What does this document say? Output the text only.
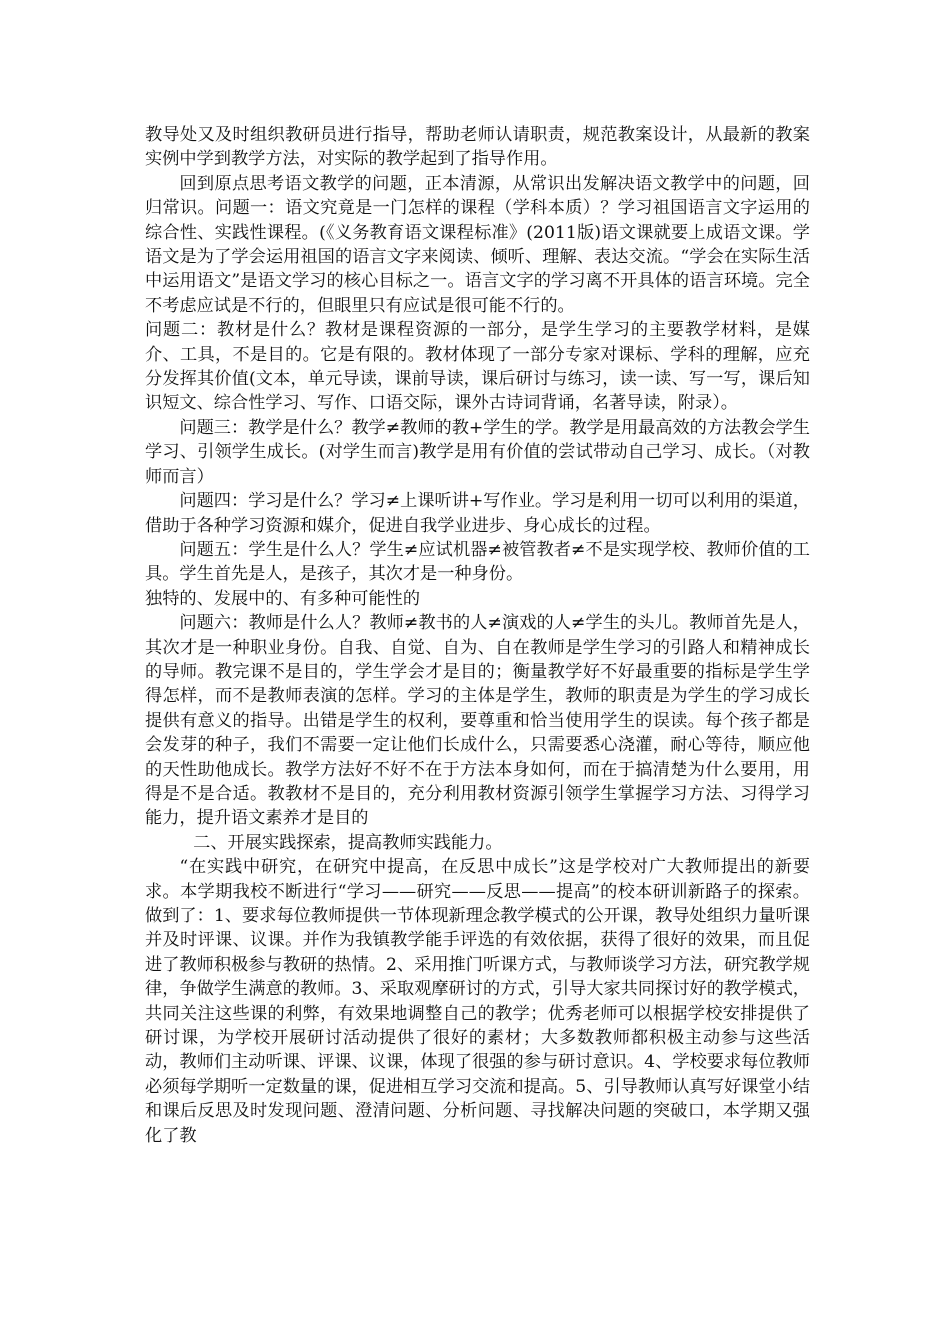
教导处又及时组织教研员进行指导，帮助老师认请职责，规范教案设计，从最新的教案实例中学到教学方法，对实际的教学起到了指导作用。

回到原点思考语文教学的问题，正本清源，从常识出发解决语文教学中的问题，回归常识。问题一：语文究竟是一门怎样的课程（学科本质）？学习祖国语言文字运用的综合性、实践性课程。(《义务教育语文课程标准》(2011版)语文课就要上成语文课。学语文是为了学会运用祖国的语言文字来阅读、倾听、理解、表达交流。“学会在实际生活中运用语文”是语文学习的核心目标之一。语言文字的学习离不开具体的语言环境。完全不考虑应试是不行的，但眼里只有应试是很可能不行的。

问题二：教材是什么？教材是课程资源的一部分，是学生学习的主要教学材料，是媒介、工具，不是目的。它是有限的。教材体现了一部分专家对课标、学科的理解，应充分发挥其价值(文本，单元导读，课前导读，课后研讨与练习，读一读、写一写，课后知识短文、综合性学习、写作、口语交际，课外古诗词背诵，名著导读，附录）。

问题三：教学是什么？教学≠教师的教+学生的学。教学是用最高效的方法教会学生学习、引领学生成长。(对学生而言)教学是用有价值的尝试带动自己学习、成长。（对教师而言）

问题四：学习是什么？学习≠上课听讲+写作业。学习是利用一切可以利用的渠道，借助于各种学习资源和媒介，促进自我学业进步、身心成长的过程。

问题五：学生是什么人？学生≠应试机器≠被管教者≠不是实现学校、教师价值的工具。学生首先是人，是孩子，其次才是一种身份。

独特的、发展中的、有多种可能性的

问题六：教师是什么人？教师≠教书的人≠演戏的人≠学生的头儿。教师首先是人，其次才是一种职业身份。自我、自觉、自为、自在教师是学生学习的引路人和精神成长的导师。教完课不是目的，学生学会才是目的；衡量教学好不好最重要的指标是学生学得怎样，而不是教师表演的怎样。学习的主体是学生，教师的职责是为学生的学习成长提供有意义的指导。出错是学生的权利，要尊重和恰当使用学生的误读。每个孩子都是会发芽的种子，我们不需要一定让他们长成什么，只需要悉心浇灌，耐心等待，顺应他的天性助他成长。教学方法好不好不在于方法本身如何，而在于搞清楚为什么要用，用得是不是合适。教教材不是目的，充分利用教材资源引领学生掌握学习方法、习得学习能力，提升语文素养才是目的

二、开展实践探索，提高教师实践能力。

“在实践中研究，在研究中提高，在反思中成长”这是学校对广大教师提出的新要求。本学期我校不断进行“学习——研究——反思——提高”的校本研训新路子的探索。做到了：1、要求每位教师提供一节体现新理念教学模式的公开课，教导处组织力量听课并及时评课、议课。并作为我镇教学能手评选的有效依据，获得了很好的效果，而且促进了教师积极参与教研的热情。2、采用推门听课方式，与教师谈学习方法，研究教学规律，争做学生满意的教师。3、采取观摩研讨的方式，引导大家共同探讨好的教学模式，共同关注这些课的利弊，有效果地调整自己的教学；优秀老师可以根据学校安排提供了研讨课，为学校开展研讨活动提供了很好的素材；大多数教师都积极主动参与这些活动，教师们主动听课、评课、议课，体现了很强的参与研讨意识。4、学校要求每位教师必须每学期听一定数量的课，促进相互学习交流和提高。5、引导教师认真写好课堂小结和课后反思及时发现问题、澄清问题、分析问题、寻找解决问题的突破口，本学期又强化了教
